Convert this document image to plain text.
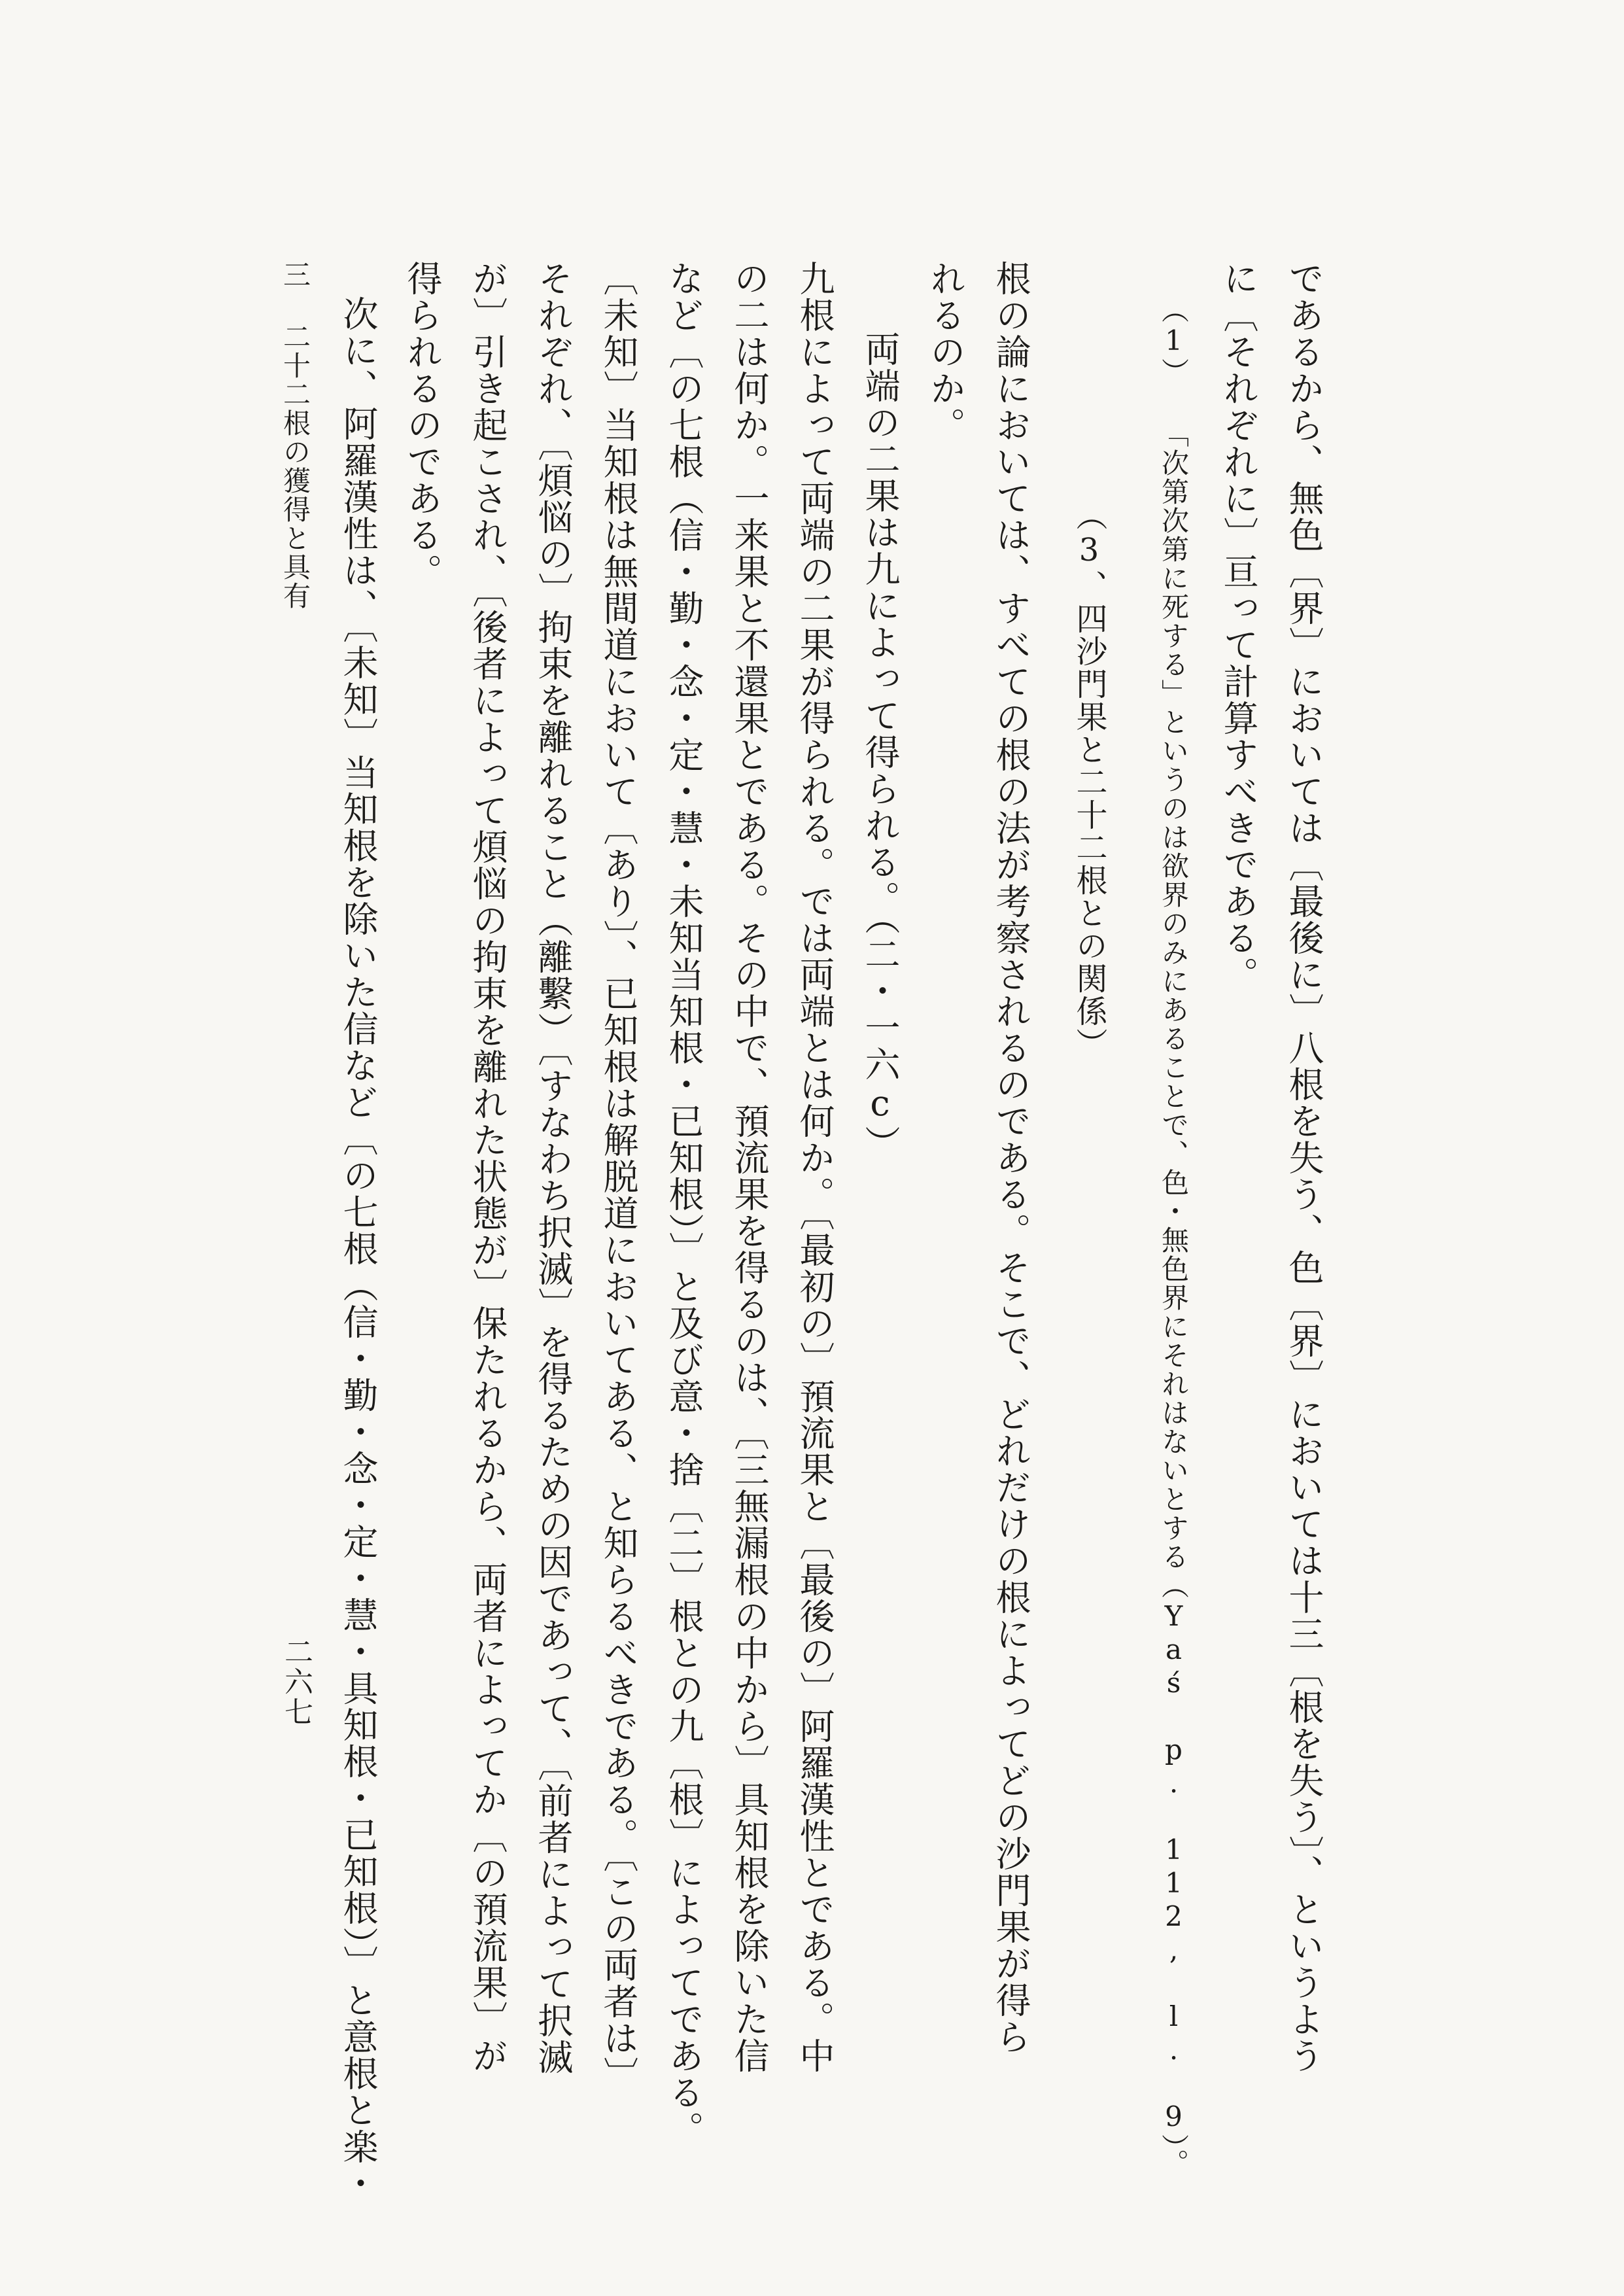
であるから、無色〔界〕においては〔最後に〕八根を失う、色〔界〕においては十三〔根を失う〕、というよう
に〔それぞれに〕亘って計算すべきである。
（1） 「次第次第に死する」というのは欲界のみにあることで、色・無色界にそれはないとする（Yaś p. 112, l. 9）。
（3、四沙門果と二十二根との関係）
根の論においては、すべての根の法が考察されるのである。そこで、どれだけの根によってどの沙門果が得ら
れるのか。
両端の二果は九によって得られる。（二・一六c）
九根によって両端の二果が得られる。では両端とは何か。〔最初の〕預流果と〔最後の〕阿羅漢性とである。中
の二は何か。一来果と不還果とである。その中で、預流果を得るのは、〔三無漏根の中から〕具知根を除いた信
など〔の七根（信・勤・念・定・慧・未知当知根・已知根）〕と及び意・捨〔二〕根との九〔根〕によってである。
〔未知〕当知根は無間道において〔あり〕、已知根は解脱道においてある、と知らるべきである。〔この両者は〕
それぞれ、〔煩悩の〕拘束を離れること（離繫）〔すなわち択滅〕を得るための因であって、〔前者によって択滅
が〕引き起こされ、〔後者によって煩悩の拘束を離れた状態が〕保たれるから、両者によってか〔の預流果〕が
得られるのである。
次に、阿羅漢性は、〔未知〕当知根を除いた信など〔の七根（信・勤・念・定・慧・具知根・已知根）〕と意根と楽・
三 二十二根の獲得と具有
二六七
